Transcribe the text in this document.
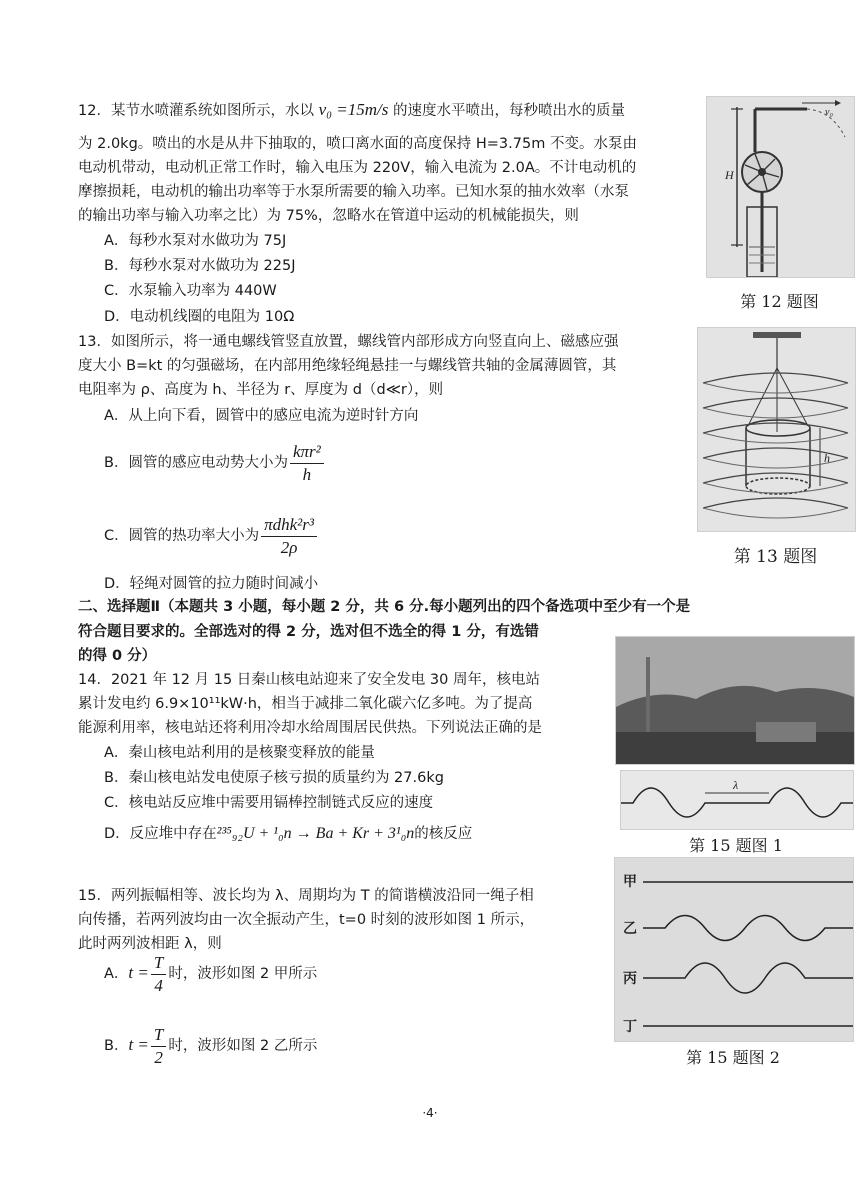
12．某节水喷灌系统如图所示，水以 v₀ =15m/s 的速度水平喷出，每秒喷出水的质量
为 2.0kg。喷出的水是从井下抽取的，喷口离水面的高度保持 H=3.75m 不变。水泵由
电动机带动，电动机正常工作时，输入电压为 220V，输入电流为 2.0A。不计电动机的
摩擦损耗，电动机的输出功率等于水泵所需要的输入功率。已知水泵的抽水效率（水泵
的输出功率与输入功率之比）为 75%，忽略水在管道中运动的机械能损失，则
A．每秒水泵对水做功为 75J
B．每秒水泵对水做功为 225J
C．水泵输入功率为 440W
D．电动机线圈的电阻为 10Ω
v₀
H
第 12 题图
13．如图所示，将一通电螺线管竖直放置，螺线管内部形成方向竖直向上、磁感应强
度大小 B=kt 的匀强磁场，在内部用绝缘轻绳悬挂一与螺线管共轴的金属薄圆管，其
电阻率为 ρ、高度为 h、半径为 r、厚度为 d（d≪r），则
A．从上向下看，圆管中的感应电流为逆时针方向
B．圆管的感应电动势大小为 $\frac{\text{kπr²}}{h}$
C．圆管的热功率大小为 $\frac{\text{πdhk²r³}}{2\rho}$
D．轻绳对圆管的拉力随时间减小
h
第 13 题图
二、选择题Ⅱ（本题共 3 小题，每小题 2 分，共 6 分.每小题列出的四个备选项中至少有一个是
符合题目要求的。全部选对的得 2 分，选对但不选全的得 1 分，有选错
的得 0 分）
14．2021 年 12 月 15 日秦山核电站迎来了安全发电 30 周年，核电站
累计发电约 6.9×10¹¹kW·h，相当于减排二氧化碳六亿多吨。为了提高
能源利用率，核电站还将利用冷却水给周围居民供热。下列说法正确的是
A．秦山核电站利用的是核聚变释放的能量
B．秦山核电站发电使原子核亏损的质量约为 27.6kg
C．核电站反应堆中需要用镉棒控制链式反应的速度
D．反应堆中存在²³⁵₉₂U + ¹₀n → Ba + Kr + 3¹₀n的核反应
λ
第 15 题图 1
甲
乙
丙
丁
第 15 题图 2
15．两列振幅相等、波长均为 λ、周期均为 T 的简谐横波沿同一绳子相
向传播，若两列波均由一次全振动产生，t=0 时刻的波形如图 1 所示，
此时两列波相距 λ，则
A．$t = \frac{T}{4}$ 时，波形如图 2 甲所示
B．$t = \frac{T}{2}$ 时，波形如图 2 乙所示
·4·
